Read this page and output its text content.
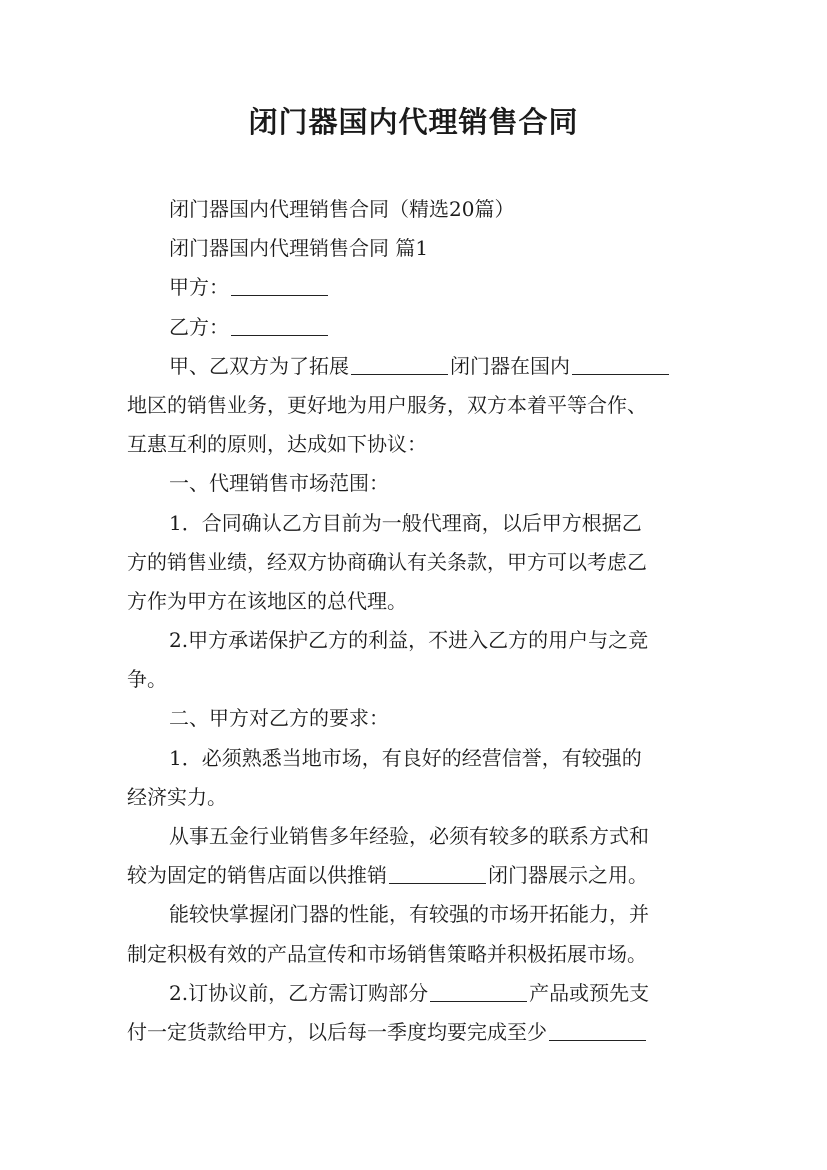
闭门器国内代理销售合同
闭门器国内代理销售合同（精选20篇）
闭门器国内代理销售合同 篇1
甲方：
乙方：
甲、乙双方为了拓展	闭门器在国内
地区的销售业务，更好地为用户服务，双方本着平等合作、
互惠互利的原则，达成如下协议：
一、代理销售市场范围：
1．合同确认乙方目前为一般代理商，以后甲方根据乙
方的销售业绩，经双方协商确认有关条款，甲方可以考虑乙
方作为甲方在该地区的总代理。
2.甲方承诺保护乙方的利益，不进入乙方的用户与之竞
争。
二、甲方对乙方的要求：
1．必须熟悉当地市场，有良好的经营信誉，有较强的
经济实力。
从事五金行业销售多年经验，必须有较多的联系方式和
较为固定的销售店面以供推销	闭门器展示之用。
能较快掌握闭门器的性能，有较强的市场开拓能力，并
制定积极有效的产品宣传和市场销售策略并积极拓展市场。
2.订协议前，乙方需订购部分	产品或预先支
付一定货款给甲方，以后每一季度均要完成至少
